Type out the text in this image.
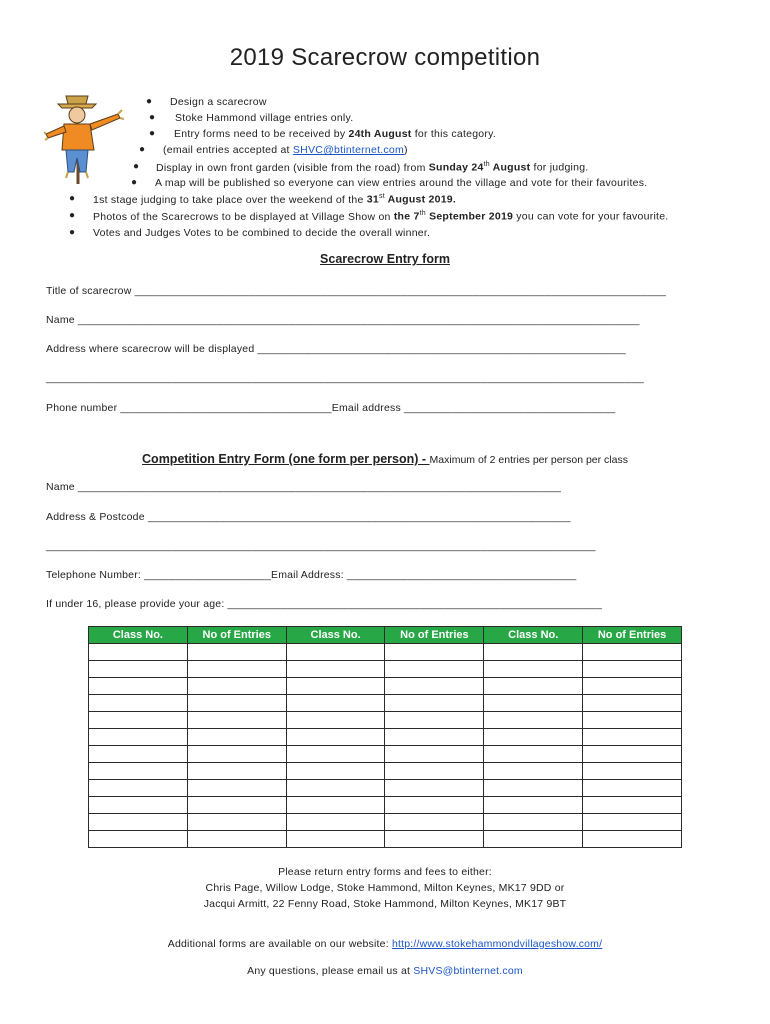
2019 Scarecrow competition
● Design a scarecrow
● Stoke Hammond village entries only.
● Entry forms need to be received by 24th August for this category.
● (email entries accepted at SHVC@btinternet.com)
● Display in own front garden (visible from the road) from Sunday 24th August for judging.
● A map will be published so everyone can view entries around the village and vote for their favourites.
● 1st stage judging to take place over the weekend of the 31st August 2019.
● Photos of the Scarecrows to be displayed at Village Show on the 7th September 2019 you can vote for your favourite.
● Votes and Judges Votes to be combined to decide the overall winner.
Scarecrow Entry form
Title of scarecrow ________________________________________________________________________________________
Name _____________________________________________________________________________________________
Address where scarecrow will be displayed _____________________________________________________________
___________________________________________________________________________________________________
Phone number ___________________________________Email address ___________________________________
Competition Entry Form (one form per person) - Maximum of 2 entries per person per class
Name ________________________________________________________________________________
Address & Postcode ______________________________________________________________________
___________________________________________________________________________________________
Telephone Number: _____________________Email Address: ______________________________________
If under 16, please provide your age: ______________________________________________________________
Class No.	No of Entries	Class No.	No of Entries	Class No.	No of Entries

Please return entry forms and fees to either:
Chris Page, Willow Lodge, Stoke Hammond, Milton Keynes, MK17 9DD or
Jacqui Armitt, 22 Fenny Road, Stoke Hammond, Milton Keynes, MK17 9BT
Additional forms are available on our website: http://www.stokehammondvillageshow.com/
Any questions, please email us at SHVS@btinternet.com
